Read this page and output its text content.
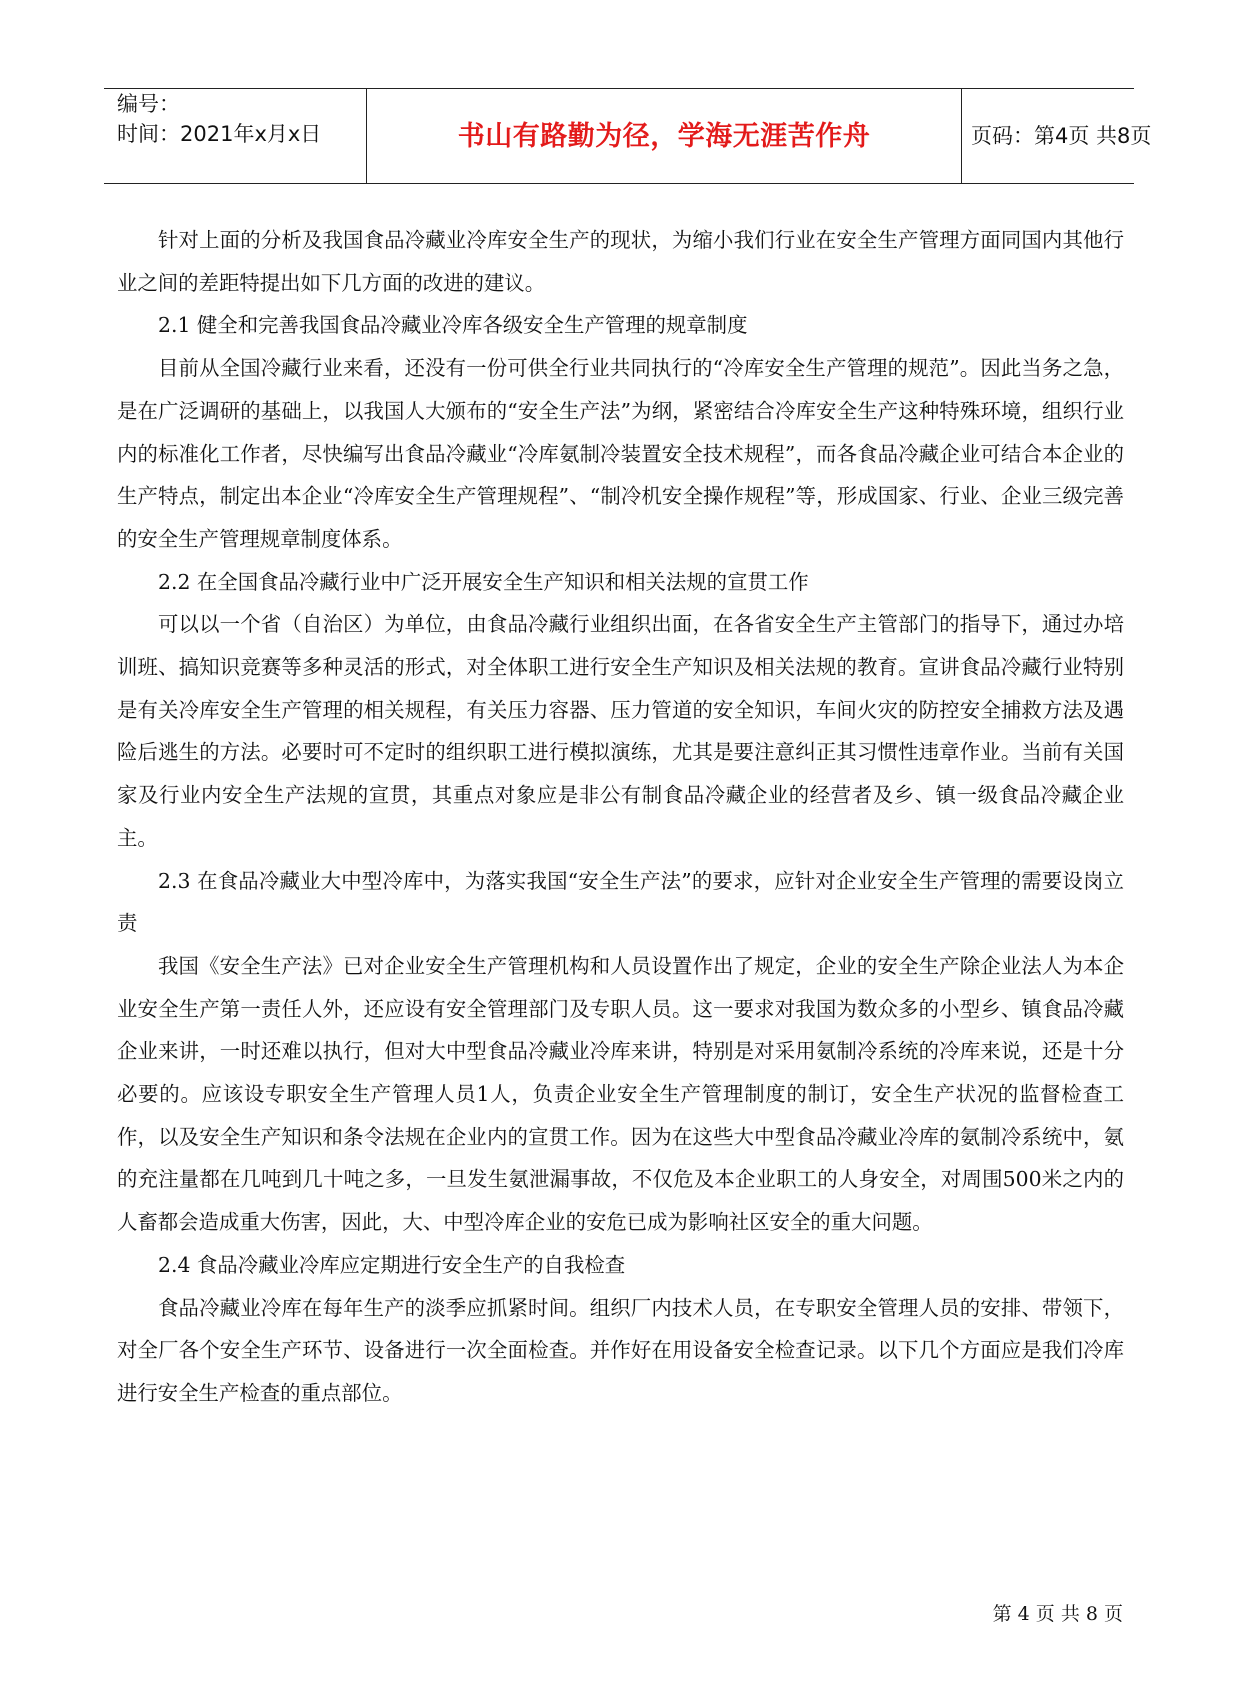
编号：
时间：2021年x月x日	书山有路勤为径，学海无涯苦作舟	页码：第4页 共8页

针对上面的分析及我国食品冷藏业冷库安全生产的现状，为缩小我们行业在安全生产管理方面同国内其他行业之间的差距特提出如下几方面的改进的建议。

2.1 健全和完善我国食品冷藏业冷库各级安全生产管理的规章制度

目前从全国冷藏行业来看，还没有一份可供全行业共同执行的“冷库安全生产管理的规范”。因此当务之急，是在广泛调研的基础上，以我国人大颁布的“安全生产法”为纲，紧密结合冷库安全生产这种特殊环境，组织行业内的标准化工作者，尽快编写出食品冷藏业“冷库氨制冷装置安全技术规程”，而各食品冷藏企业可结合本企业的生产特点，制定出本企业“冷库安全生产管理规程”、“制冷机安全操作规程”等，形成国家、行业、企业三级完善的安全生产管理规章制度体系。

2.2 在全国食品冷藏行业中广泛开展安全生产知识和相关法规的宣贯工作

可以以一个省（自治区）为单位，由食品冷藏行业组织出面，在各省安全生产主管部门的指导下，通过办培训班、搞知识竞赛等多种灵活的形式，对全体职工进行安全生产知识及相关法规的教育。宣讲食品冷藏行业特别是有关冷库安全生产管理的相关规程，有关压力容器、压力管道的安全知识，车间火灾的防控安全捕救方法及遇险后逃生的方法。必要时可不定时的组织职工进行模拟演练，尤其是要注意纠正其习惯性违章作业。当前有关国家及行业内安全生产法规的宣贯，其重点对象应是非公有制食品冷藏企业的经营者及乡、镇一级食品冷藏企业主。

2.3 在食品冷藏业大中型冷库中，为落实我国“安全生产法”的要求，应针对企业安全生产管理的需要设岗立责

我国《安全生产法》已对企业安全生产管理机构和人员设置作出了规定，企业的安全生产除企业法人为本企业安全生产第一责任人外，还应设有安全管理部门及专职人员。这一要求对我国为数众多的小型乡、镇食品冷藏企业来讲，一时还难以执行，但对大中型食品冷藏业冷库来讲，特别是对采用氨制冷系统的冷库来说，还是十分必要的。应该设专职安全生产管理人员1人，负责企业安全生产管理制度的制订，安全生产状况的监督检查工作，以及安全生产知识和条令法规在企业内的宣贯工作。因为在这些大中型食品冷藏业冷库的氨制冷系统中，氨的充注量都在几吨到几十吨之多，一旦发生氨泄漏事故，不仅危及本企业职工的人身安全，对周围500米之内的人畜都会造成重大伤害，因此，大、中型冷库企业的安危已成为影响社区安全的重大问题。

2.4 食品冷藏业冷库应定期进行安全生产的自我检查

食品冷藏业冷库在每年生产的淡季应抓紧时间。组织厂内技术人员，在专职安全管理人员的安排、带领下，对全厂各个安全生产环节、设备进行一次全面检查。并作好在用设备安全检查记录。以下几个方面应是我们冷库进行安全生产检查的重点部位。

第 4 页 共 8 页
